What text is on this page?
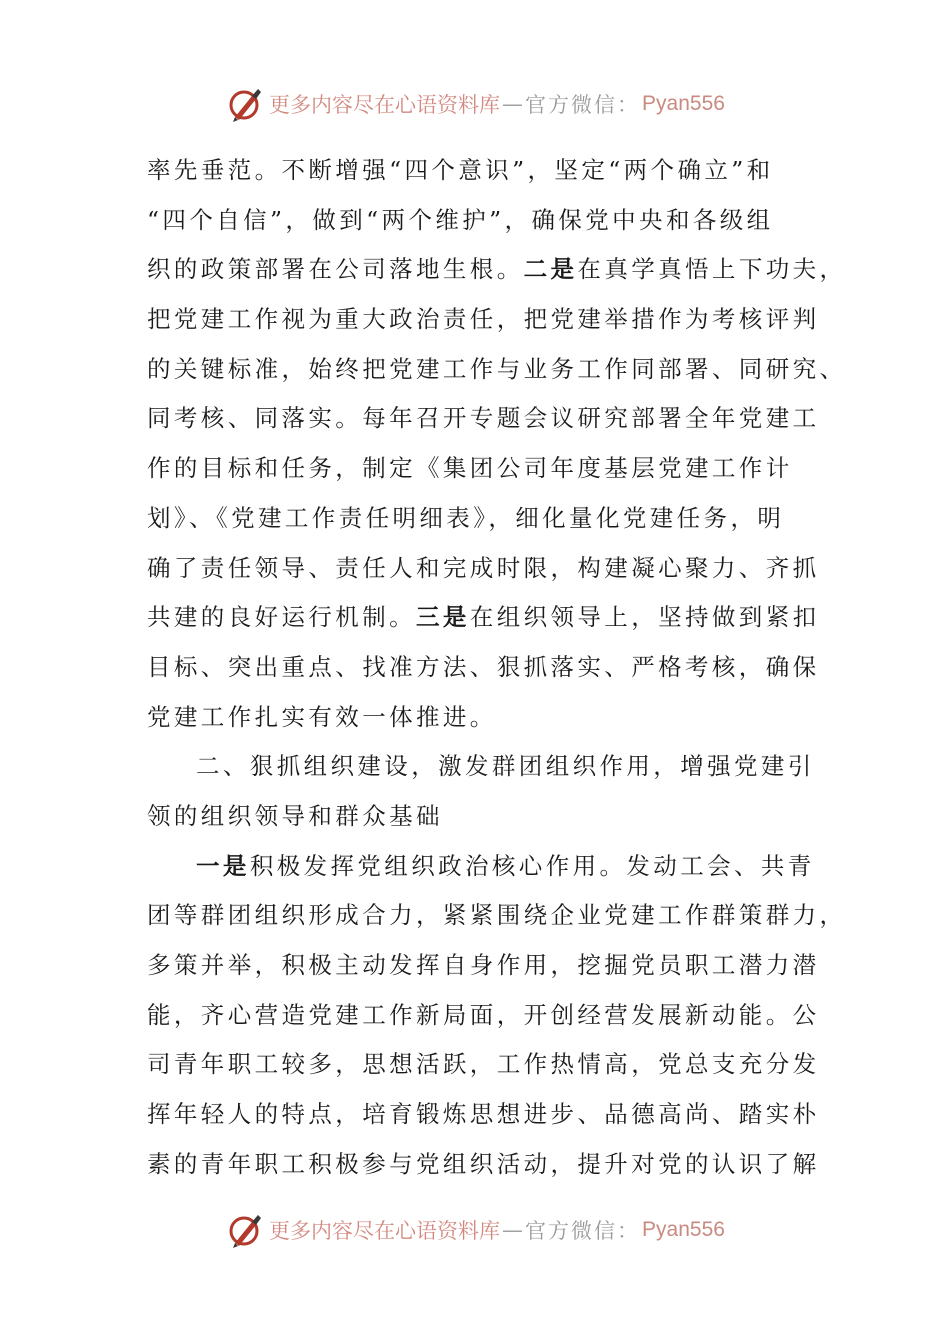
更多内容尽在心语资料库 — 官方微信： Pyan556
率先垂范。不断增强“四个意识”，坚定“两个确立”和
“四个自信”，做到“两个维护”，确保党中央和各级组
织的政策部署在公司落地生根。二是在真学真悟上下功夫，
把党建工作视为重大政治责任，把党建举措作为考核评判
的关键标准，始终把党建工作与业务工作同部署、同研究、
同考核、同落实。每年召开专题会议研究部署全年党建工
作的目标和任务，制定《集团公司年度基层党建工作计
划》、《党建工作责任明细表》，细化量化党建任务，明
确了责任领导、责任人和完成时限，构建凝心聚力、齐抓
共建的良好运行机制。三是在组织领导上，坚持做到紧扣
目标、突出重点、找准方法、狠抓落实、严格考核，确保
党建工作扎实有效一体推进。
二、狠抓组织建设，激发群团组织作用，增强党建引
领的组织领导和群众基础
一是积极发挥党组织政治核心作用。发动工会、共青
团等群团组织形成合力，紧紧围绕企业党建工作群策群力，
多策并举，积极主动发挥自身作用，挖掘党员职工潜力潜
能，齐心营造党建工作新局面，开创经营发展新动能。公
司青年职工较多，思想活跃，工作热情高，党总支充分发
挥年轻人的特点，培育锻炼思想进步、品德高尚、踏实朴
素的青年职工积极参与党组织活动，提升对党的认识了解
更多内容尽在心语资料库 — 官方微信： Pyan556
